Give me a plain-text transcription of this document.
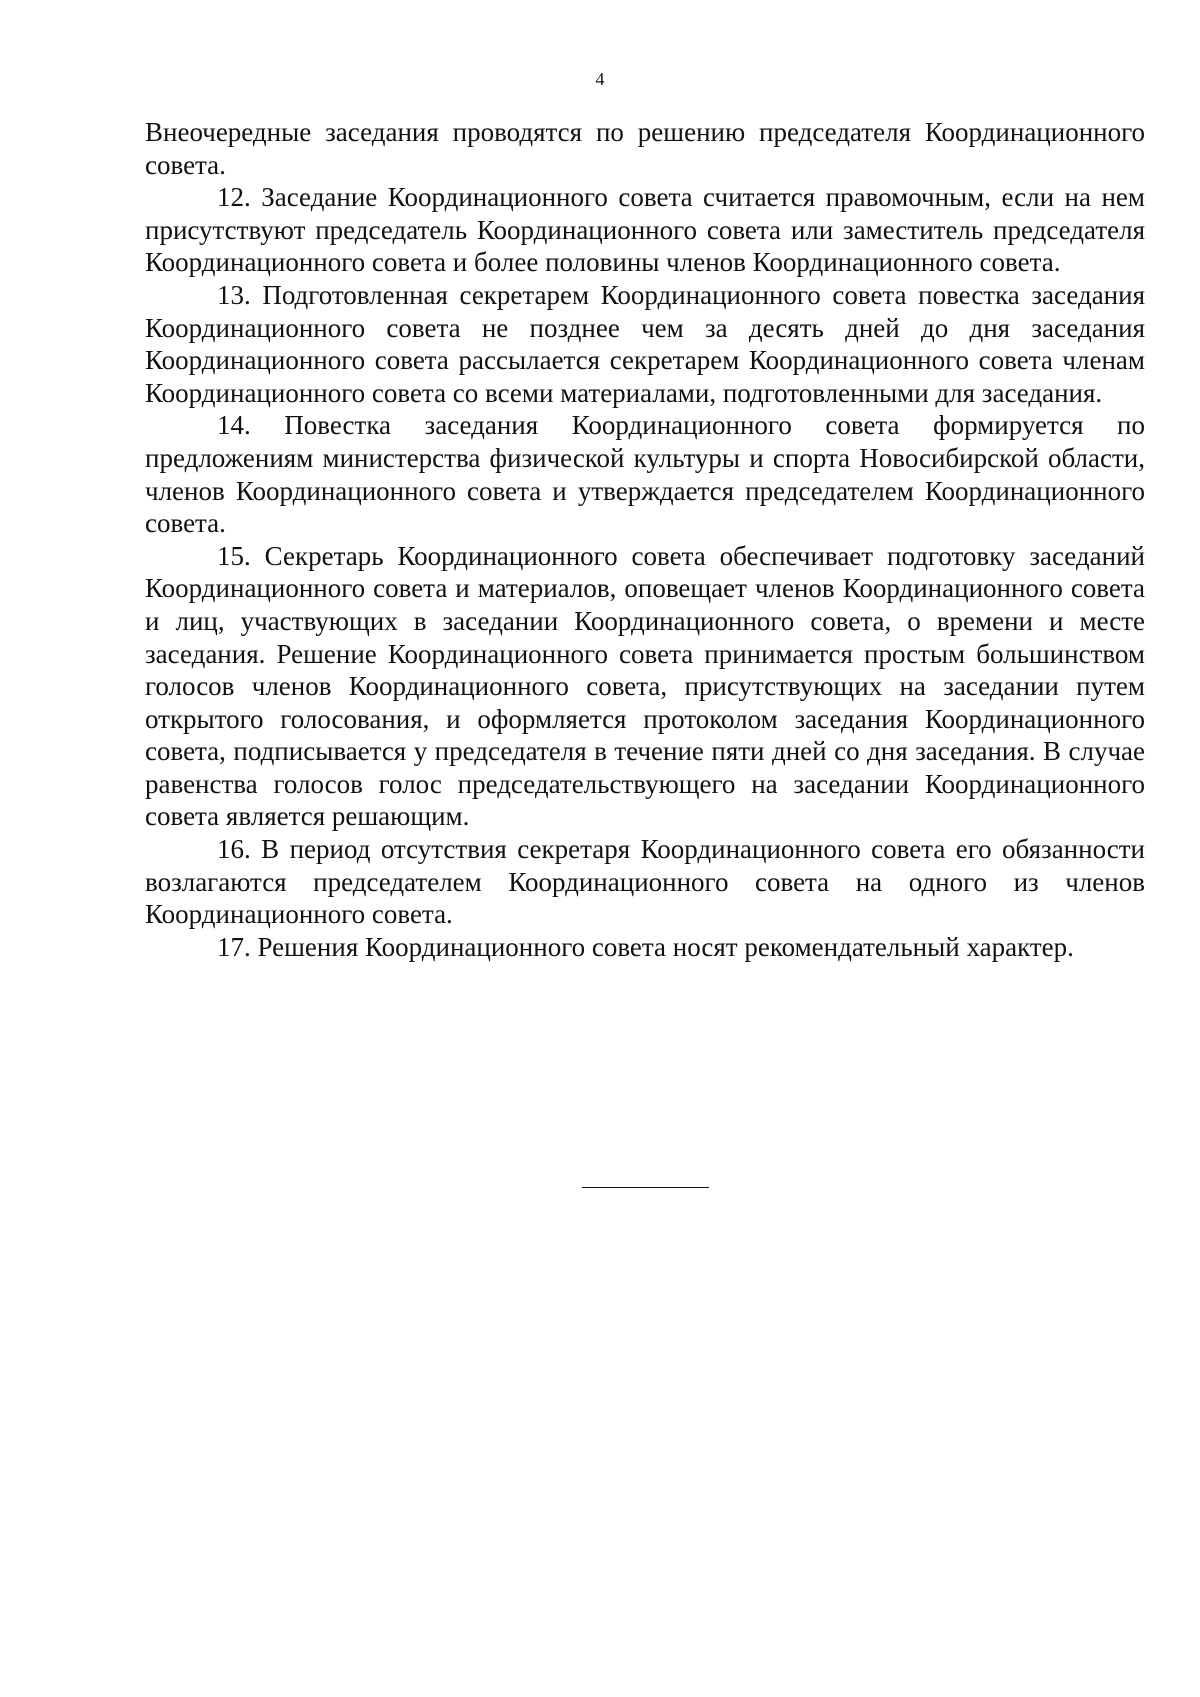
4

Внеочередные заседания проводятся по решению председателя Координационного совета.

12. Заседание Координационного совета считается правомочным, если на нем присутствуют председатель Координационного совета или заместитель председателя Координационного совета и более половины членов Координационного совета.

13. Подготовленная секретарем Координационного совета повестка заседания Координационного совета не позднее чем за десять дней до дня заседания Координационного совета рассылается секретарем Координационного совета членам Координационного совета со всеми материалами, подготовленными для заседания.

14. Повестка заседания Координационного совета формируется по предложениям министерства физической культуры и спорта Новосибирской области, членов Координационного совета и утверждается председателем Координационного совета.

15. Секретарь Координационного совета обеспечивает подготовку заседаний Координационного совета и материалов, оповещает членов Координационного совета и лиц, участвующих в заседании Координационного совета, о времени и месте заседания. Решение Координационного совета принимается простым большинством голосов членов Координационного совета, присутствующих на заседании путем открытого голосования, и оформляется протоколом заседания Координационного совета, подписывается у председателя в течение пяти дней со дня заседания. В случае равенства голосов голос председательствующего на заседании Координационного совета является решающим.

16. В период отсутствия секретаря Координационного совета его обязанности возлагаются председателем Координационного совета на одного из членов Координационного совета.

17. Решения Координационного совета носят рекомендательный характер.
